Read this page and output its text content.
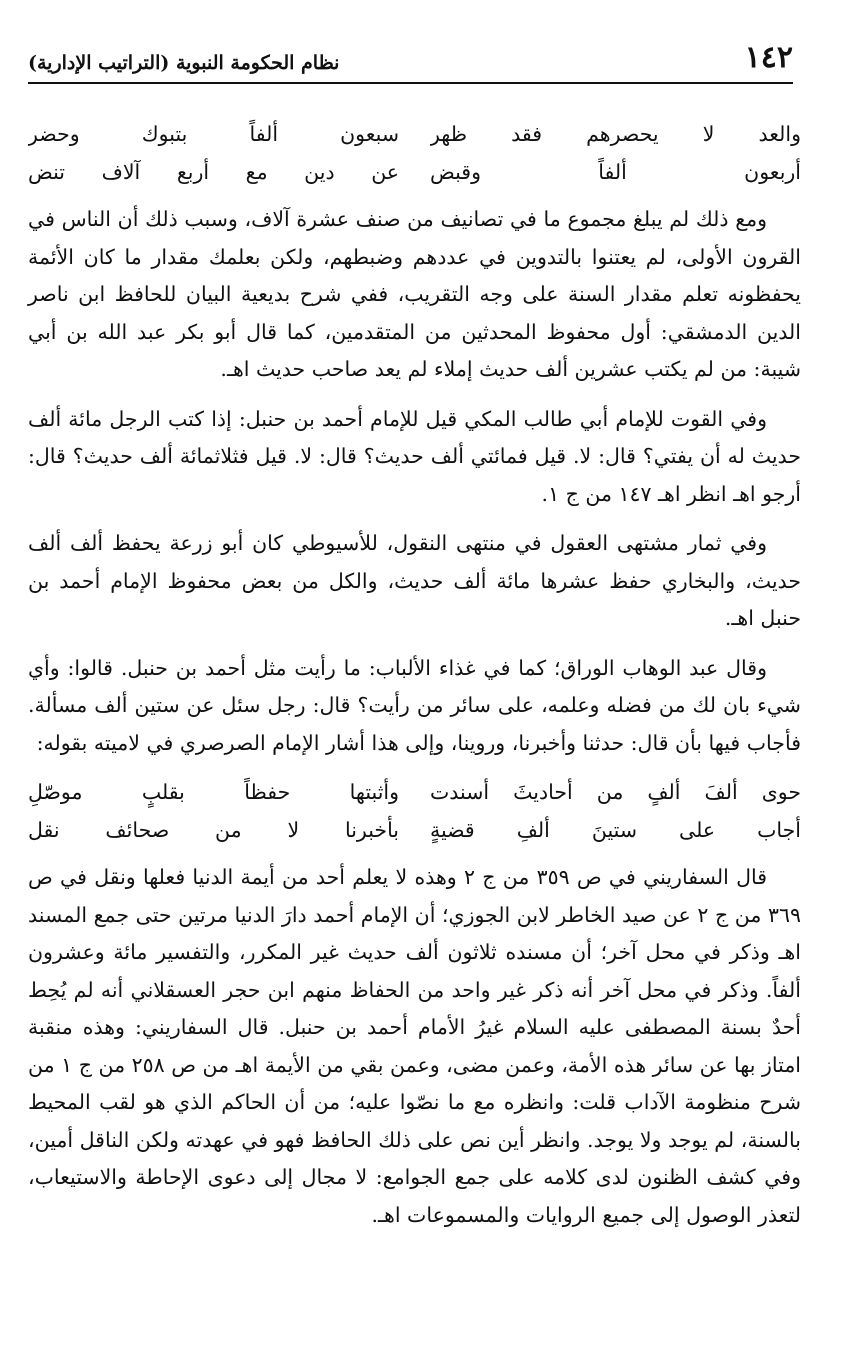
١٤٢
نظام الحكومة النبوية (التراتيب الإدارية)
والعد لا يحصرهم فقد ظهر
سبعون ألفاً بتبوك وحضر
أربعون ألفاً وقبض
عن دين مع أربع آلاف تنض

ومع ذلك لم يبلغ مجموع ما في تصانيف من صنف عشرة آلاف، وسبب ذلك أن الناس في القرون الأولى، لم يعتنوا بالتدوين في عددهم وضبطهم، ولكن بعلمك مقدار ما كان الأئمة يحفظونه تعلم مقدار السنة على وجه التقريب، ففي شرح بديعية البيان للحافظ ابن ناصر الدين الدمشقي: أول محفوظ المحدثين من المتقدمين، كما قال أبو بكر عبد الله بن أبي شيبة: من لم يكتب عشرين ألف حديث إملاء لم يعد صاحب حديث اهـ.

وفي القوت للإمام أبي طالب المكي قيل للإمام أحمد بن حنبل: إذا كتب الرجل مائة ألف حديث له أن يفتي؟ قال: لا. قيل فمائتي ألف حديث؟ قال: لا. قيل فثلاثمائة ألف حديث؟ قال: أرجو اهـ انظر اهـ ١٤٧ من ج ١.

وفي ثمار مشتهى العقول في منتهى النقول، للأسيوطي كان أبو زرعة يحفظ ألف ألف حديث، والبخاري حفظ عشرها مائة ألف حديث، والكل من بعض محفوظ الإمام أحمد بن حنبل اهـ.

وقال عبد الوهاب الوراق؛ كما في غذاء الألباب: ما رأيت مثل أحمد بن حنبل. قالوا: وأي شيء بان لك من فضله وعلمه، على سائر من رأيت؟ قال: رجل سئل عن ستين ألف مسألة. فأجاب فيها بأن قال: حدثنا وأخبرنا، وروينا، وإلى هذا أشار الإمام الصرصري في لاميته بقوله:

حوى ألفَ ألفٍ من أحاديثَ أسندت
وأثبتها حفظاً بقلبٍ موصّلِ
أجاب على ستينَ ألفِ قضيةٍ
بأخبرنا لا من صحائف نقل

قال السفاريني في ص ٣٥٩ من ج ٢ وهذه لا يعلم أحد من أيمة الدنيا فعلها ونقل في ص ٣٦٩ من ج ٢ عن صيد الخاطر لابن الجوزي؛ أن الإمام أحمد دارَ الدنيا مرتين حتى جمع المسند اهـ وذكر في محل آخر؛ أن مسنده ثلاثون ألف حديث غير المكرر، والتفسير مائة وعشرون ألفاً. وذكر في محل آخر أنه ذكر غير واحد من الحفاظ منهم ابن حجر العسقلاني أنه لم يُحِط أحدٌ بسنة المصطفى عليه السلام غيرُ الأمام أحمد بن حنبل. قال السفاريني: وهذه منقبة امتاز بها عن سائر هذه الأمة، وعمن مضى، وعمن بقي من الأيمة اهـ من ص ٢٥٨ من ج ١ من شرح منظومة الآداب قلت: وانظره مع ما نصّوا عليه؛ من أن الحاكم الذي هو لقب المحيط بالسنة، لم يوجد ولا يوجد. وانظر أين نص على ذلك الحافظ فهو في عهدته ولكن الناقل أمين، وفي كشف الظنون لدى كلامه على جمع الجوامع: لا مجال إلى دعوى الإحاطة والاستيعاب، لتعذر الوصول إلى جميع الروايات والمسموعات اهـ.
